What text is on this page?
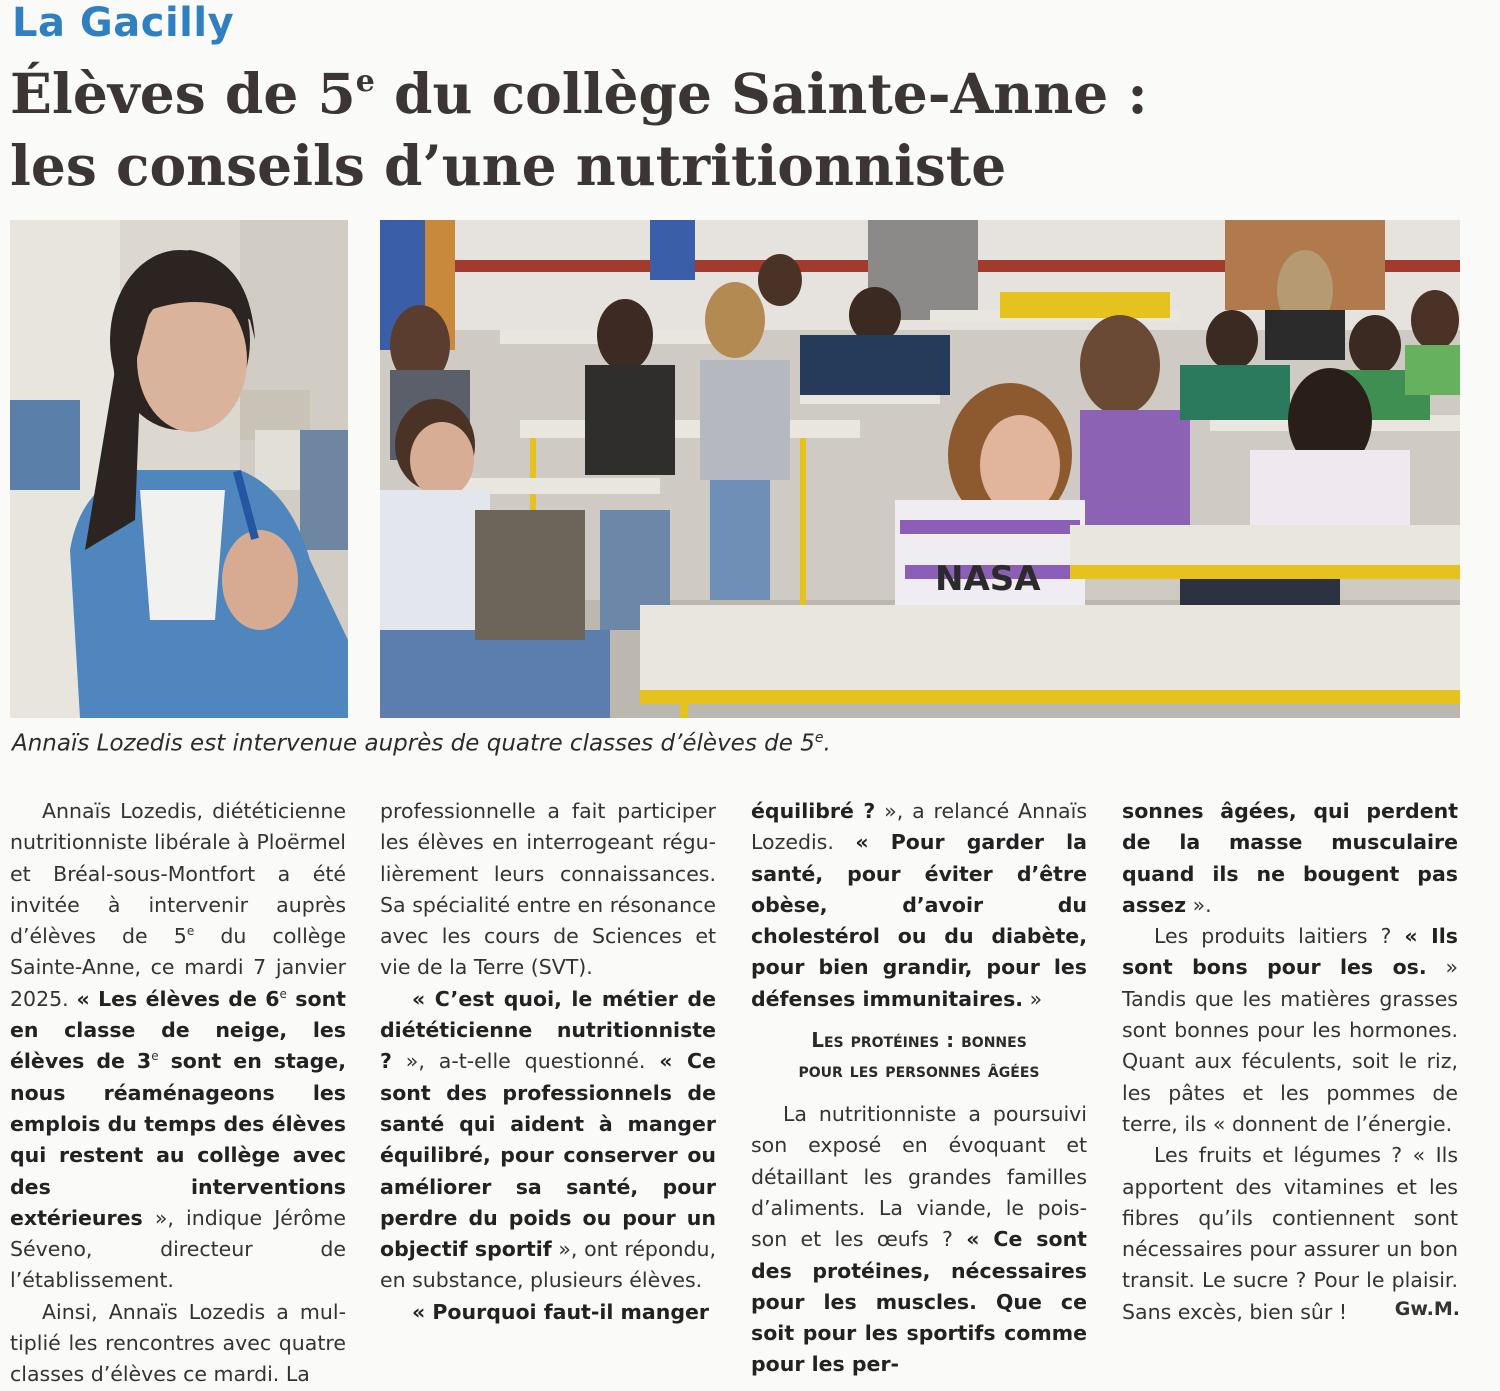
La Gacilly
Élèves de 5e du collège Sainte-Anne :
les conseils d’une nutritionniste
NASA
Annaïs Lozedis est intervenue auprès de quatre classes d’élèves de 5e.

Annaïs Lozedis, diététicienne nutritionniste libérale à Ploërmel et Bréal-sous-Montfort a été invitée à intervenir auprès d’élèves de 5e du collège Sainte-Anne, ce mardi 7 janvier 2025. « Les élèves de 6e sont en classe de neige, les élèves de 3e sont en stage, nous réaménageons les emplois du temps des élèves qui restent au collège avec des interventions extérieures », indique Jérôme Séveno, directeur de l’établissement.

Ainsi, Annaïs Lozedis a multiplié les rencontres avec quatre classes d’élèves ce mardi. La

professionnelle a fait participer les élèves en interrogeant régulièrement leurs connaissances. Sa spécialité entre en résonance avec les cours de Sciences et vie de la Terre (SVT).

« C’est quoi, le métier de diététicienne nutritionniste ? », a-t-elle questionné. « Ce sont des professionnels de santé qui aident à manger équilibré, pour conserver ou améliorer sa santé, pour perdre du poids ou pour un objectif sportif », ont répondu, en substance, plusieurs élèves.

« Pourquoi faut-il manger

équilibré ? », a relancé Annaïs Lozedis. « Pour garder la santé, pour éviter d’être obèse, d’avoir du cholestérol ou du diabète, pour bien grandir, pour les défenses immunitaires. »

Les protéines : bonnes
pour les personnes âgées

La nutritionniste a poursuivi son exposé en évoquant et détaillant les grandes familles d’aliments. La viande, le poisson et les œufs ? « Ce sont des protéines, nécessaires pour les muscles. Que ce soit pour les sportifs comme pour les per-

sonnes âgées, qui perdent de la masse musculaire quand ils ne bougent pas assez ».

Les produits laitiers ? « Ils sont bons pour les os. » Tandis que les matières grasses sont bonnes pour les hormones. Quant aux féculents, soit le riz, les pâtes et les pommes de terre, ils « donnent de l’énergie.

Les fruits et légumes ? « Ils apportent des vitamines et les fibres qu’ils contiennent sont nécessaires pour assurer un bon transit. Le sucre ? Pour le plaisir. Sans excès, bien sûr !	Gw.M.
